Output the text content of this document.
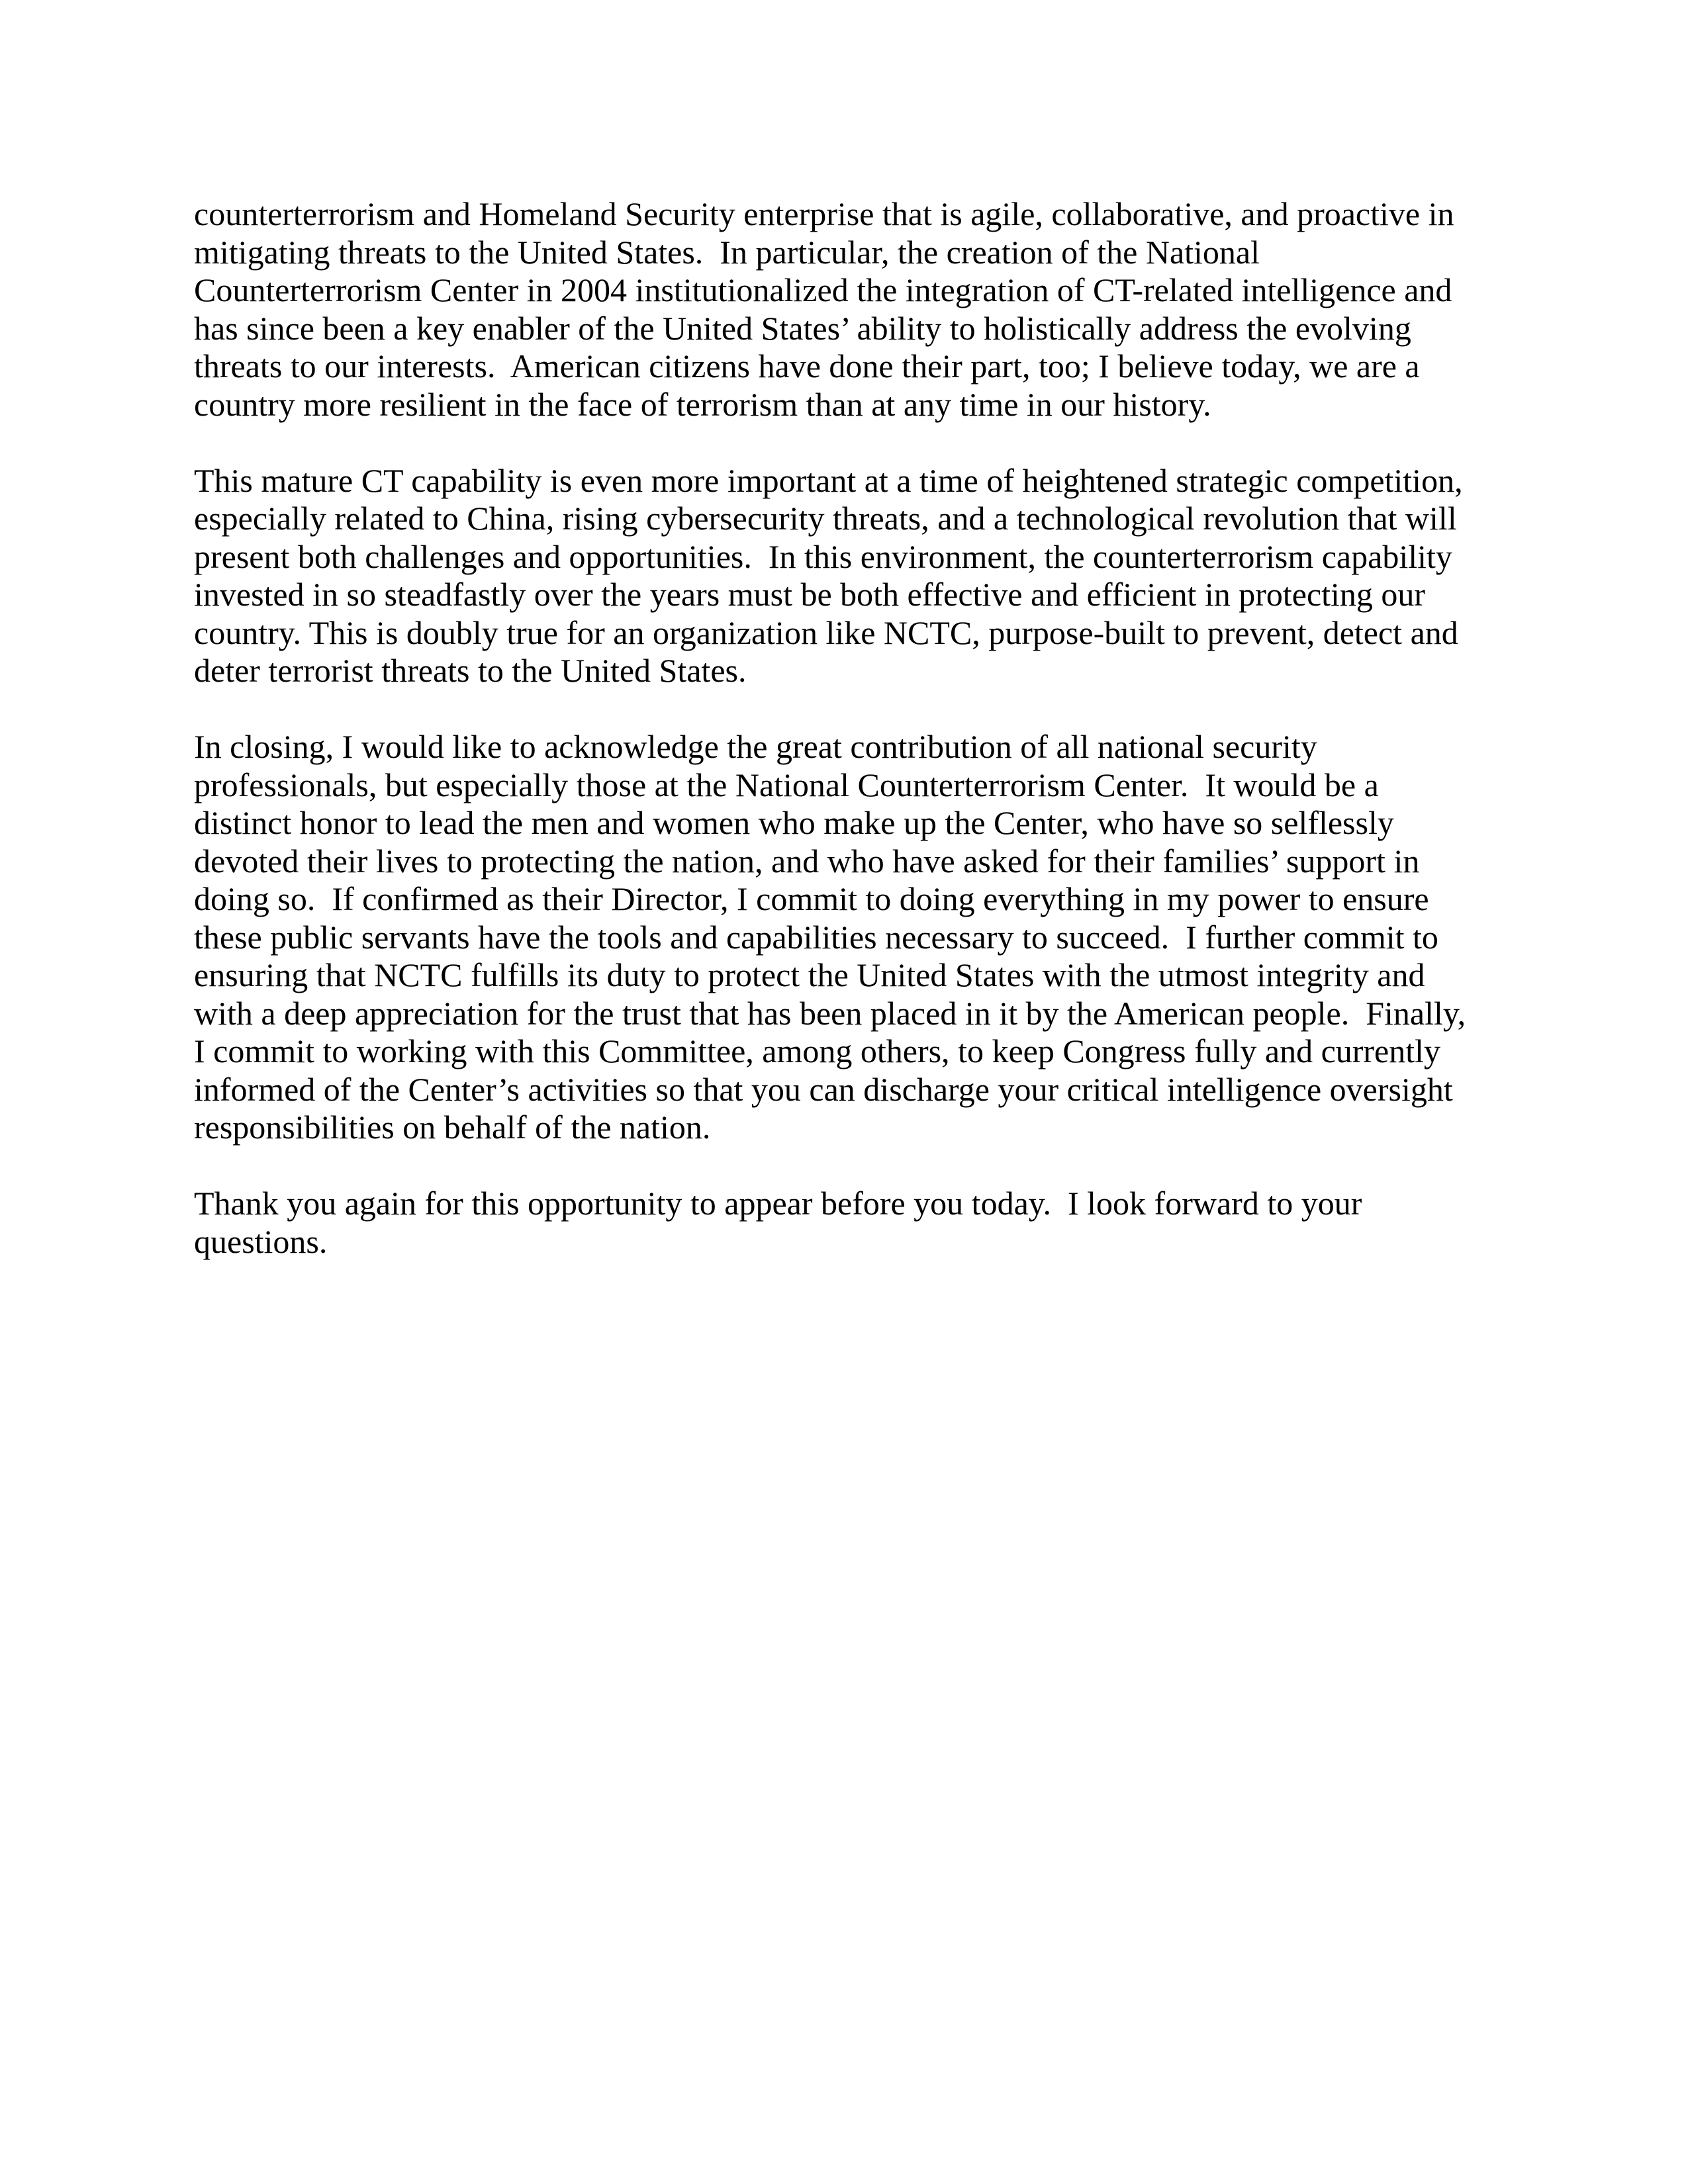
counterterrorism and Homeland Security enterprise that is agile, collaborative, and proactive in
mitigating threats to the United States.  In particular, the creation of the National
Counterterrorism Center in 2004 institutionalized the integration of CT-related intelligence and
has since been a key enabler of the United States’ ability to holistically address the evolving
threats to our interests.  American citizens have done their part, too; I believe today, we are a
country more resilient in the face of terrorism than at any time in our history.

This mature CT capability is even more important at a time of heightened strategic competition,
especially related to China, rising cybersecurity threats, and a technological revolution that will
present both challenges and opportunities.  In this environment, the counterterrorism capability
invested in so steadfastly over the years must be both effective and efficient in protecting our
country. This is doubly true for an organization like NCTC, purpose-built to prevent, detect and
deter terrorist threats to the United States.

In closing, I would like to acknowledge the great contribution of all national security
professionals, but especially those at the National Counterterrorism Center.  It would be a
distinct honor to lead the men and women who make up the Center, who have so selflessly
devoted their lives to protecting the nation, and who have asked for their families’ support in
doing so.  If confirmed as their Director, I commit to doing everything in my power to ensure
these public servants have the tools and capabilities necessary to succeed.  I further commit to
ensuring that NCTC fulfills its duty to protect the United States with the utmost integrity and
with a deep appreciation for the trust that has been placed in it by the American people.  Finally,
I commit to working with this Committee, among others, to keep Congress fully and currently
informed of the Center’s activities so that you can discharge your critical intelligence oversight
responsibilities on behalf of the nation.

Thank you again for this opportunity to appear before you today.  I look forward to your
questions.
